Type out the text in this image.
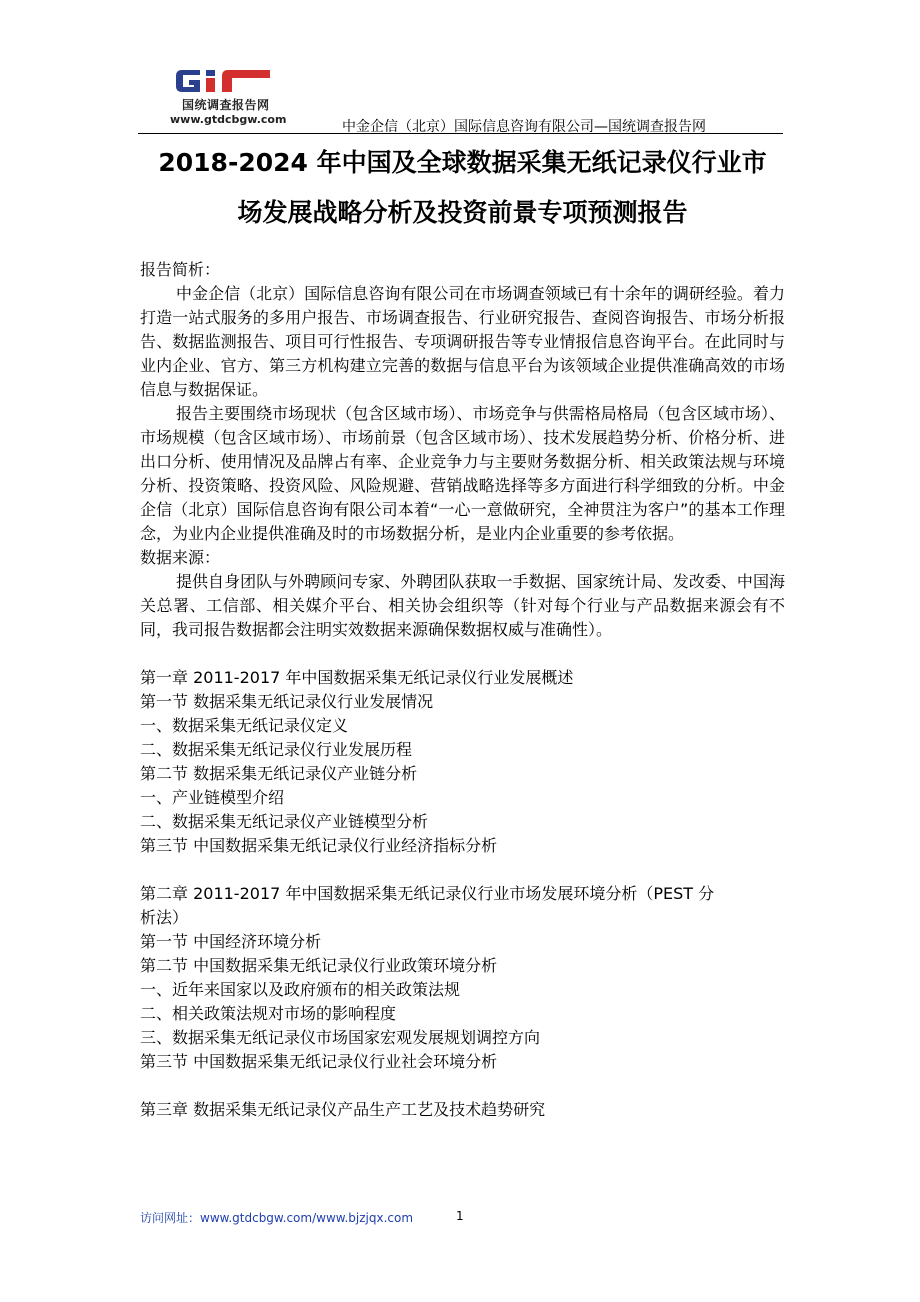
国统调查报告网
www.gtdcbgw.com	中金企信（北京）国际信息咨询有限公司—国统调查报告网
2018-2024 年中国及全球数据采集无纸记录仪行业市
场发展战略分析及投资前景专项预测报告

报告简析：

中金企信（北京）国际信息咨询有限公司在市场调查领域已有十余年的调研经验。着力打造一站式服务的多用户报告、市场调查报告、行业研究报告、查阅咨询报告、市场分析报告、数据监测报告、项目可行性报告、专项调研报告等专业情报信息咨询平台。在此同时与业内企业、官方、第三方机构建立完善的数据与信息平台为该领域企业提供准确高效的市场信息与数据保证。

报告主要围绕市场现状（包含区域市场）、市场竞争与供需格局格局（包含区域市场）、市场规模（包含区域市场）、市场前景（包含区域市场）、技术发展趋势分析、价格分析、进出口分析、使用情况及品牌占有率、企业竞争力与主要财务数据分析、相关政策法规与环境分析、投资策略、投资风险、风险规避、营销战略选择等多方面进行科学细致的分析。中金企信（北京）国际信息咨询有限公司本着“一心一意做研究，全神贯注为客户”的基本工作理念，为业内企业提供准确及时的市场数据分析，是业内企业重要的参考依据。

数据来源：

提供自身团队与外聘顾问专家、外聘团队获取一手数据、国家统计局、发改委、中国海关总署、工信部、相关媒介平台、相关协会组织等（针对每个行业与产品数据来源会有不同，我司报告数据都会注明实效数据来源确保数据权威与准确性）。

第一章 2011-2017 年中国数据采集无纸记录仪行业发展概述

第一节 数据采集无纸记录仪行业发展情况

一、数据采集无纸记录仪定义

二、数据采集无纸记录仪行业发展历程

第二节 数据采集无纸记录仪产业链分析

一、产业链模型介绍

二、数据采集无纸记录仪产业链模型分析

第三节 中国数据采集无纸记录仪行业经济指标分析

第二章 2011-2017 年中国数据采集无纸记录仪行业市场发展环境分析（PEST 分

析法）

第一节 中国经济环境分析

第二节 中国数据采集无纸记录仪行业政策环境分析

一、近年来国家以及政府颁布的相关政策法规

二、相关政策法规对市场的影响程度

三、数据采集无纸记录仪市场国家宏观发展规划调控方向

第三节 中国数据采集无纸记录仪行业社会环境分析

第三章 数据采集无纸记录仪产品生产工艺及技术趋势研究

访问网址：www.gtdcbgw.com/www.bjzjqx.com	1
